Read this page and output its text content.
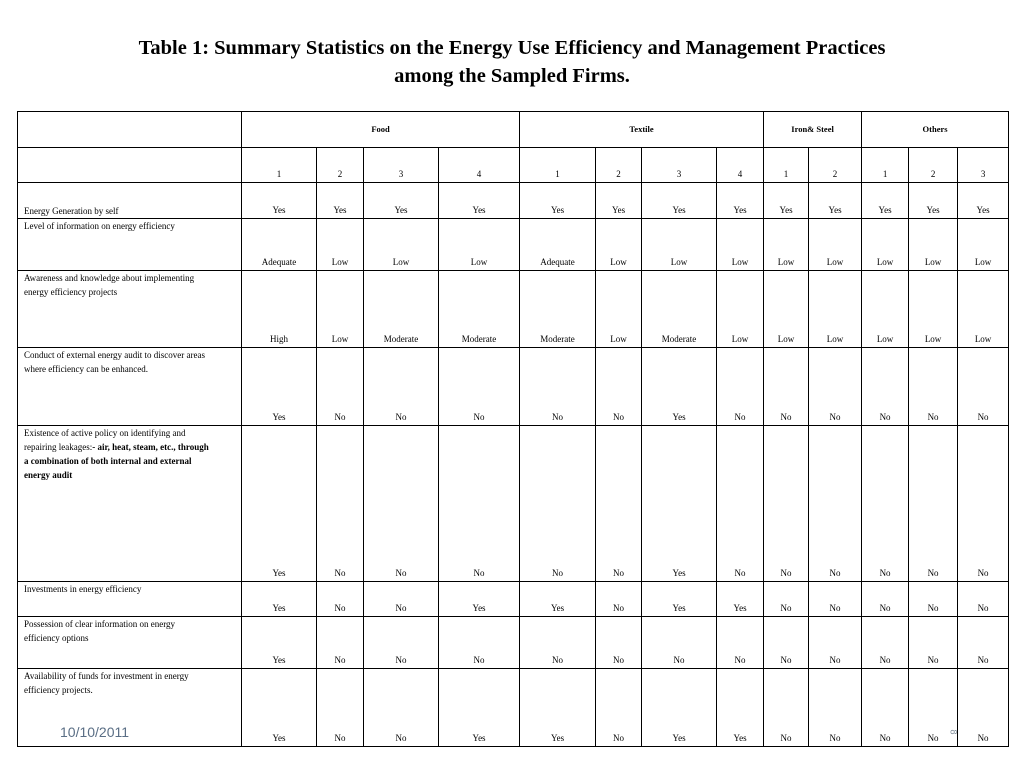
Table 1: Summary Statistics on the Energy Use Efficiency and Management Practices
among the Sampled Firms.
	Food				Textile				Iron& Steel		Others		
	1	2	3	4	1	2	3	4	1	2	1	2	3

Energy Generation by self	Yes	Yes	Yes	Yes	Yes	Yes	Yes	Yes	Yes	Yes	Yes	Yes	Yes

Level of information on energy efficiency	Adequate	Low	Low	Low	Adequate	Low	Low	Low	Low	Low	Low	Low	Low

Awareness and knowledge about implementing
energy efficiency projects	High	Low	Moderate	Moderate	Moderate	Low	Moderate	Low	Low	Low	Low	Low	Low

Conduct of external energy audit to discover areas
where efficiency can be enhanced.	Yes	No	No	No	No	No	Yes	No	No	No	No	No	No

Existence of active policy on identifying and
repairing leakages:- air, heat, steam, etc., through
a combination of both internal and external
energy audit	Yes	No	No	No	No	No	Yes	No	No	No	No	No	No

Investments in energy efficiency	Yes	No	No	Yes	Yes	No	Yes	Yes	No	No	No	No	No

Possession of clear information on energy
efficiency options	Yes	No	No	No	No	No	No	No	No	No	No	No	No

Availability of funds for investment in energy
efficiency projects.	Yes	No	No	Yes	Yes	No	Yes	Yes	No	No	No	No	No
10/10/2011	8
